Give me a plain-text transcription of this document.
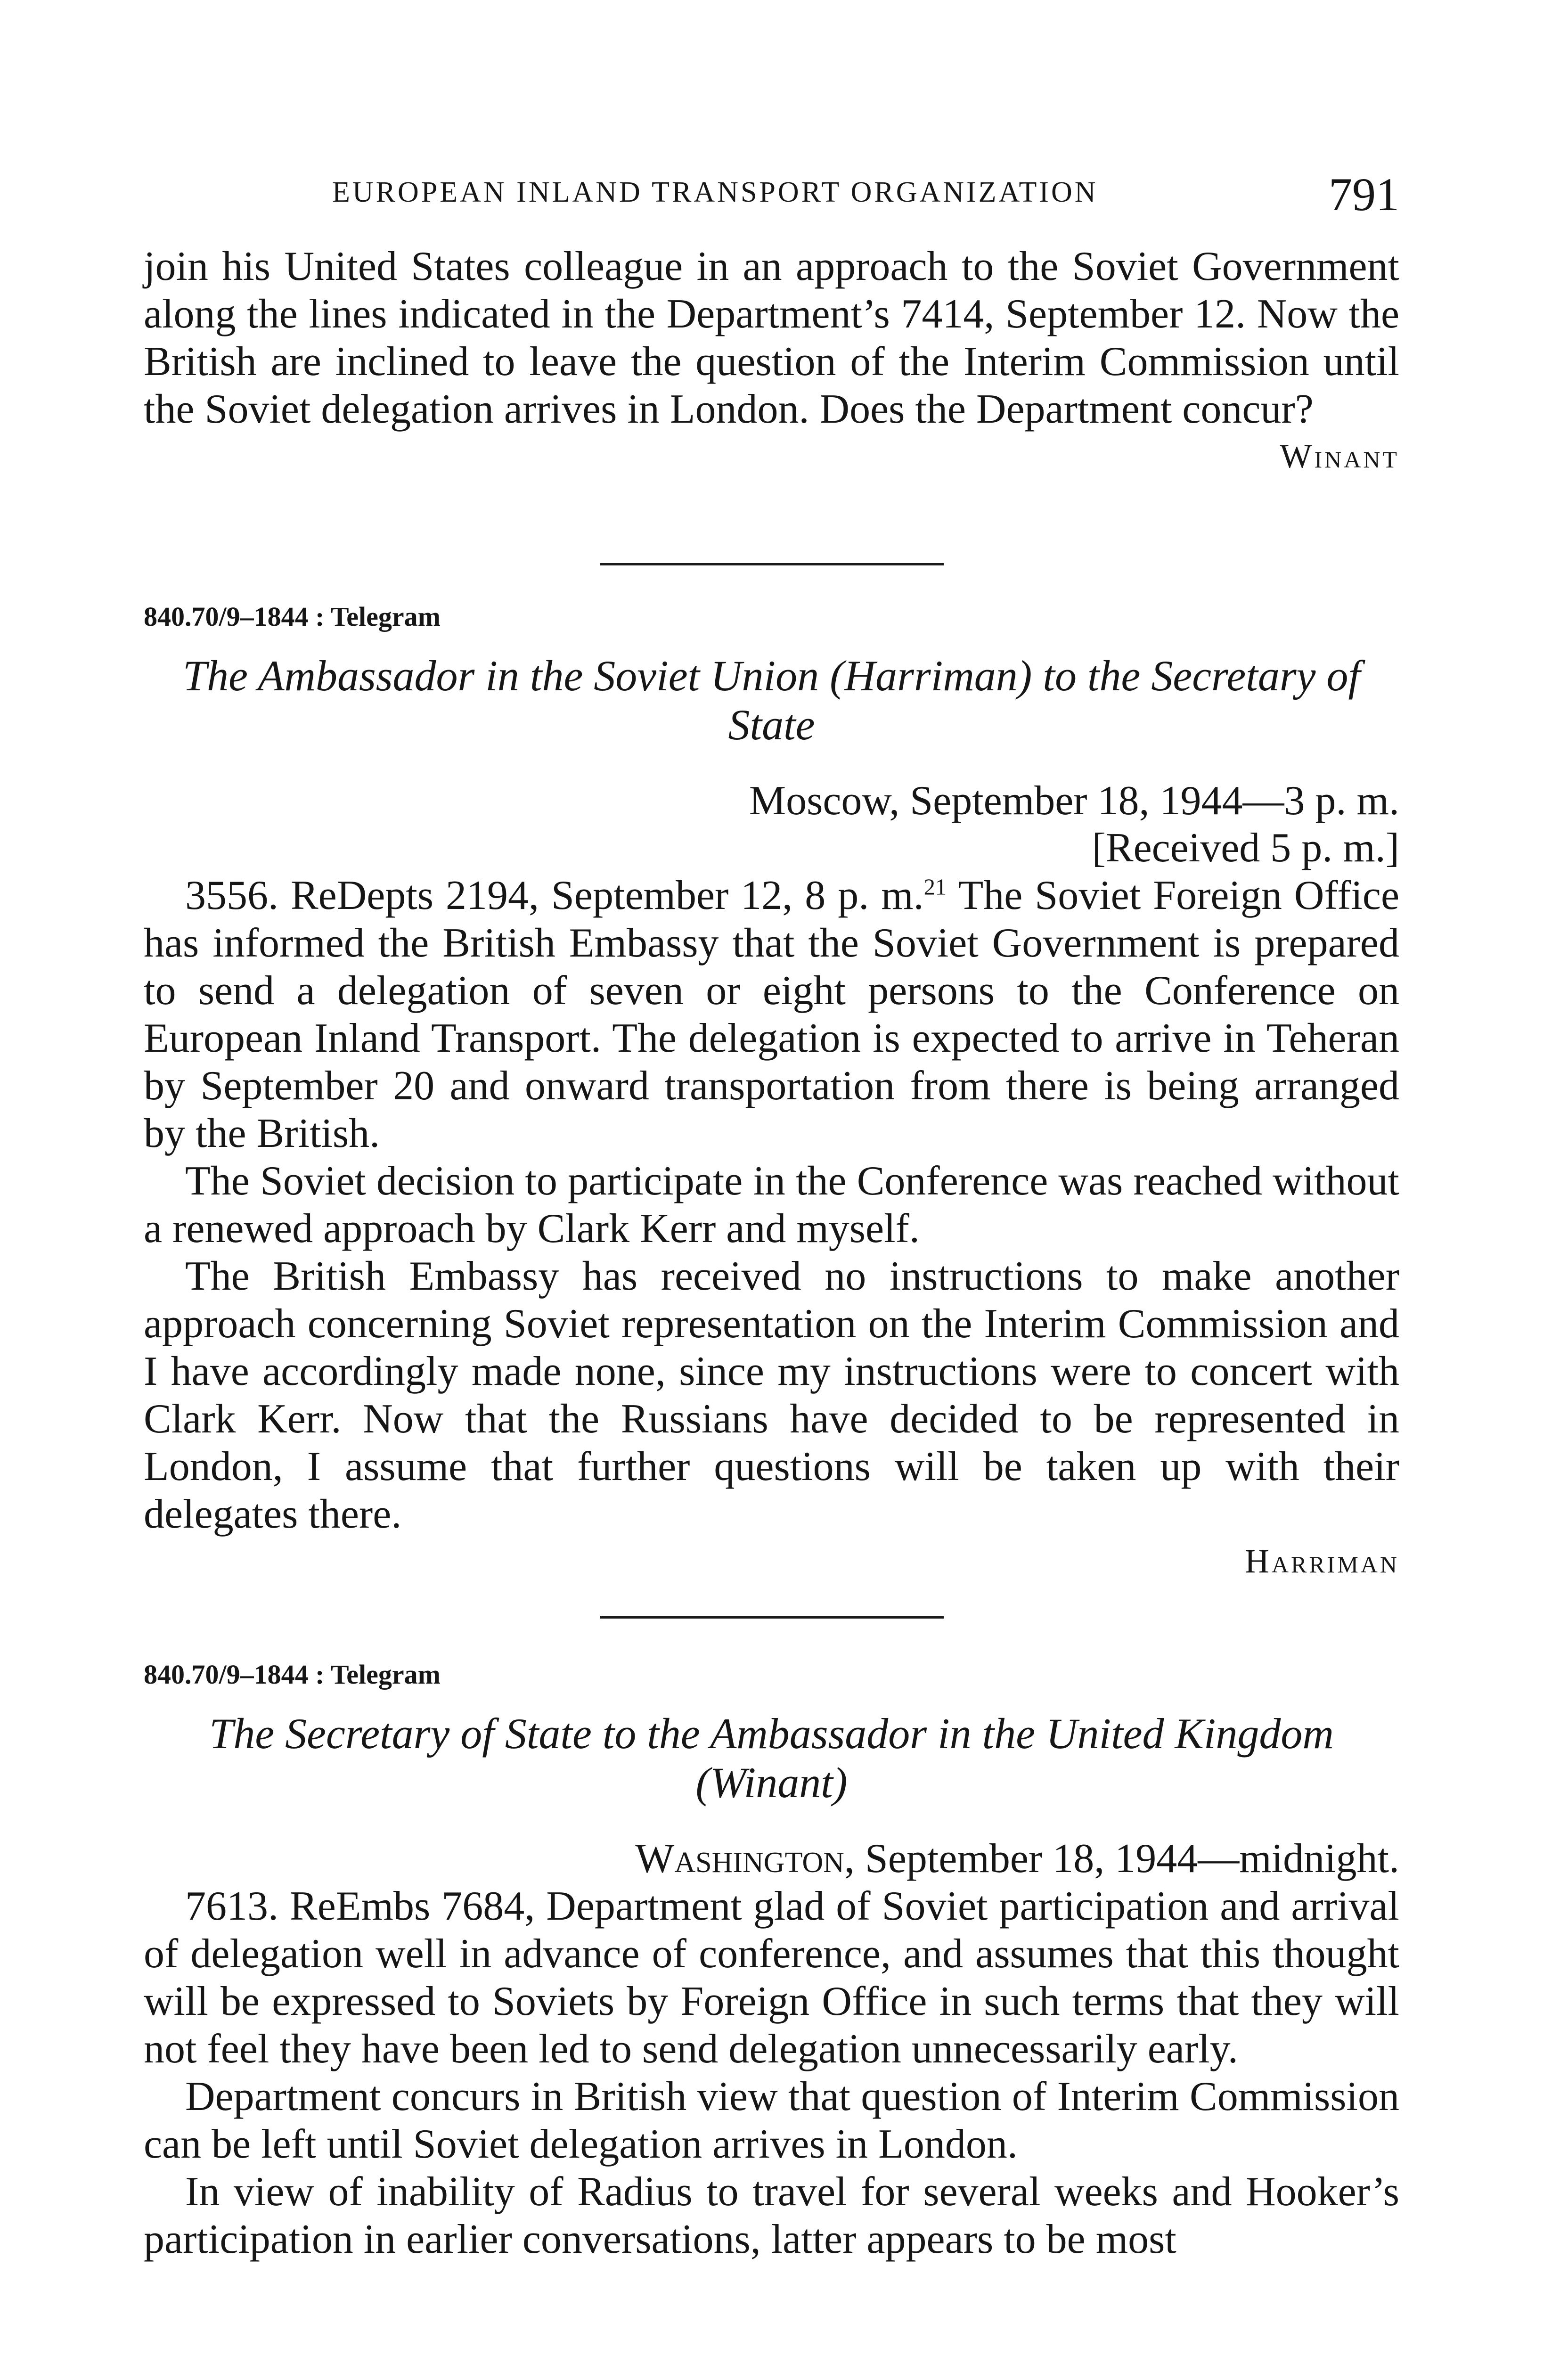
EUROPEAN INLAND TRANSPORT ORGANIZATION	791

join his United States colleague in an approach to the Soviet Government along the lines indicated in the Department’s 7414, September 12. Now the British are inclined to leave the question of the Interim Commission until the Soviet delegation arrives in London. Does the Department concur?

Winant

840.70/9–1844 : Telegram

The Ambassador in the Soviet Union (Harriman) to the Secretary of State

Moscow, September 18, 1944—3 p. m.

[Received 5 p. m.]

3556. ReDepts 2194, September 12, 8 p. m.$^{21}$ The Soviet Foreign Office has informed the British Embassy that the Soviet Government is prepared to send a delegation of seven or eight persons to the Conference on European Inland Transport. The delegation is expected to arrive in Teheran by September 20 and onward transportation from there is being arranged by the British.

The Soviet decision to participate in the Conference was reached without a renewed approach by Clark Kerr and myself.

The British Embassy has received no instructions to make another approach concerning Soviet representation on the Interim Commission and I have accordingly made none, since my instructions were to concert with Clark Kerr. Now that the Russians have decided to be represented in London, I assume that further questions will be taken up with their delegates there.

Harriman

840.70/9–1844 : Telegram

The Secretary of State to the Ambassador in the United Kingdom (Winant)

Washington, September 18, 1944—midnight.

7613. ReEmbs 7684, Department glad of Soviet participation and arrival of delegation well in advance of conference, and assumes that this thought will be expressed to Soviets by Foreign Office in such terms that they will not feel they have been led to send delegation unnecessarily early.

Department concurs in British view that question of Interim Commission can be left until Soviet delegation arrives in London.

In view of inability of Radius to travel for several weeks and Hooker’s participation in earlier conversations, latter appears to be most
